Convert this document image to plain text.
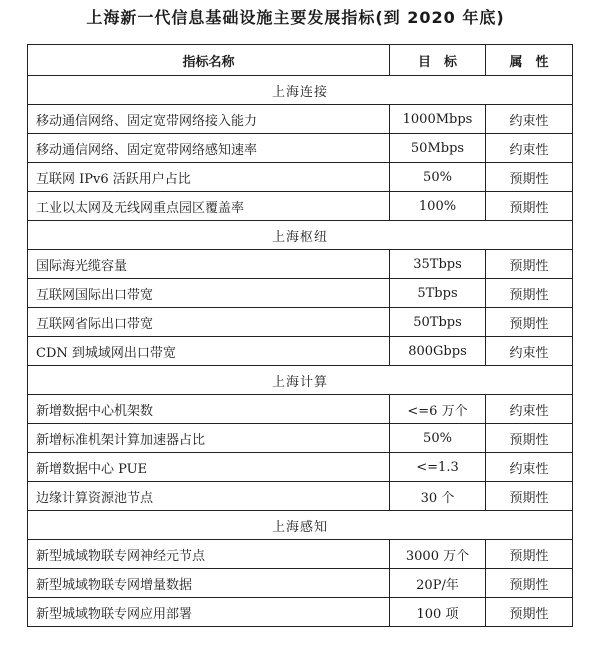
上海新一代信息基础设施主要发展指标(到 2020 年底)
指标名称	目　标	属　性
上海连接		
移动通信网络、固定宽带网络接入能力	1000Mbps	约束性
移动通信网络、固定宽带网络感知速率	50Mbps	约束性
互联网 IPv6 活跃用户占比	50%	预期性
工业以太网及无线网重点园区覆盖率	100%	预期性
上海枢纽		
国际海光缆容量	35Tbps	预期性
互联网国际出口带宽	5Tbps	预期性
互联网省际出口带宽	50Tbps	预期性
CDN 到城域网出口带宽	800Gbps	约束性
上海计算		
新增数据中心机架数	<=6 万个	约束性
新增标准机架计算加速器占比	50%	预期性
新增数据中心 PUE	<=1.3	约束性
边缘计算资源池节点	30 个	预期性
上海感知		
新型城域物联专网神经元节点	3000 万个	预期性
新型城域物联专网增量数据	20P/年	预期性
新型城域物联专网应用部署	100 项	预期性
